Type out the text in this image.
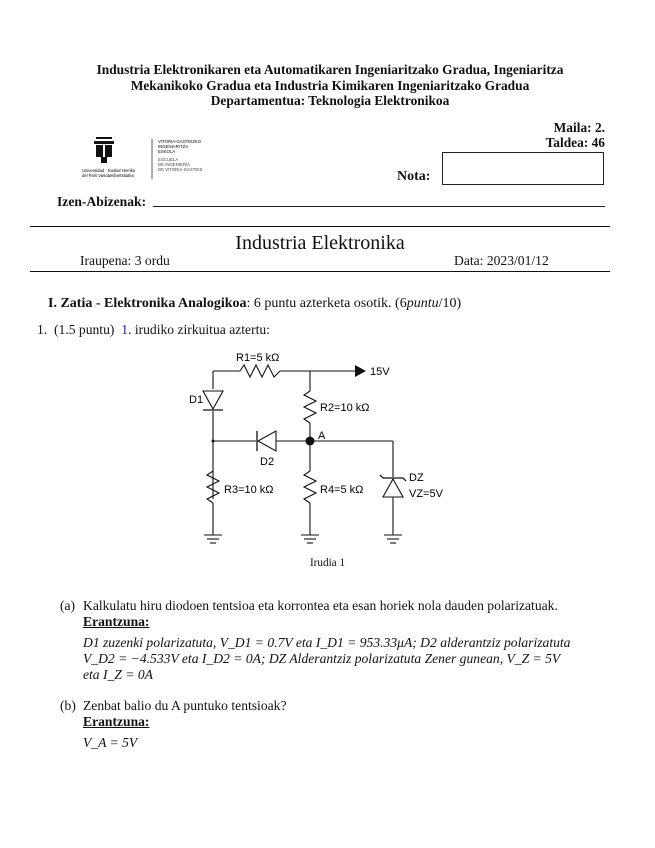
Industria Elektronikaren eta Automatikaren Ingeniaritzako Gradua, Ingeniaritza
Mekanikoko Gradua eta Industria Kimikaren Ingeniaritzako Gradua
Departamentua: Teknologia Elektronikoa
Universidad
del País Vasco
Euskal Herriko
Unibertsitatea
VITORIA-GASTEIZKO
INGENIARITZA
ESKOLA
ESCUELA
DE INGENIERÍA
DE VITORIA-GASTEIZ
Maila: 2.
Taldea: 46
Nota:
Izen-Abizenak:
Industria Elektronika
Iraupena: 3 ordu	Data: 2023/01/12
I. Zatia - Elektronika Analogikoa: 6 puntu azterketa osotik. (6puntu/10)
1. (1.5 puntu) 1. irudiko zirkuitua aztertu:
R1=5 kΩ
15V
D1
R2=10 kΩ
A
D2
R3=10 kΩ	R4=5 kΩ
DZ
VZ=5V
Irudia 1
(a) Kalkulatu hiru diodoen tentsioa eta korrontea eta esan horiek nola dauden polarizatuak.
Erantzuna:
D1 zuzenki polarizatuta, V_D1 = 0.7V eta I_D1 = 953.33μA; D2 alderantziz polarizatuta
V_D2 = −4.533V eta I_D2 = 0A; DZ Alderantziz polarizatuta Zener gunean, V_Z = 5V
eta I_Z = 0A
(b) Zenbat balio du A puntuko tentsioak?
Erantzuna:
V_A = 5V
